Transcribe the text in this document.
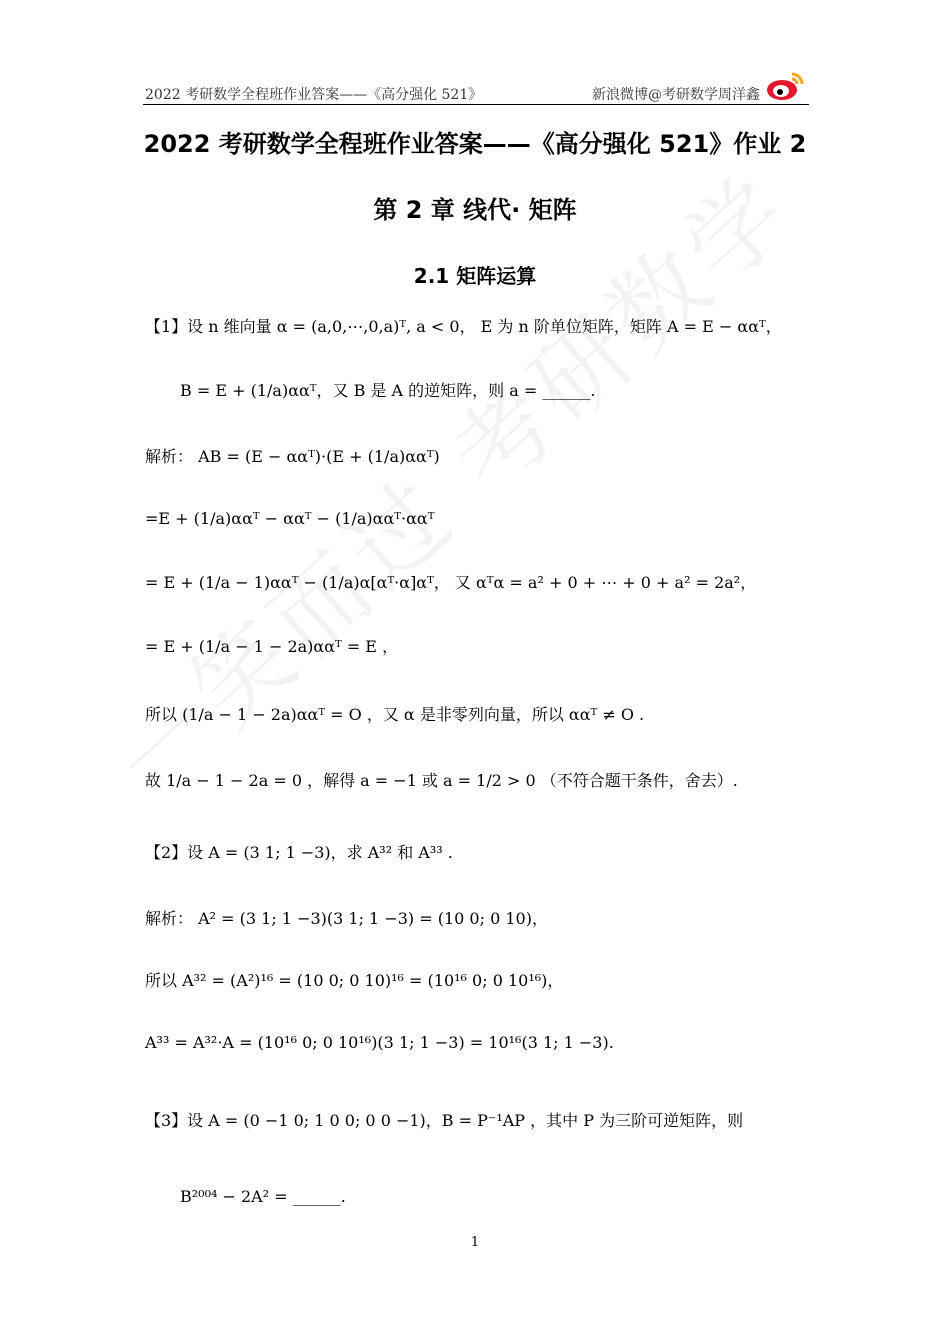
2022 考研数学全程班作业答案——《高分强化 521》	新浪微博@考研数学周洋鑫
2022 考研数学全程班作业答案——《高分强化 521》作业 2
第 2 章 线代· 矩阵
2.1 矩阵运算
【1】设 n 维向量 α = (a,0,⋯,0,a)ᵀ, a < 0， E 为 n 阶单位矩阵，矩阵 A = E − ααᵀ，
B = E + (1/a)ααᵀ，又 B 是 A 的逆矩阵，则 a = ______.
解析： AB = (E − ααᵀ)·(E + (1/a)ααᵀ)
=E + (1/a)ααᵀ − ααᵀ − (1/a)ααᵀ·ααᵀ
= E + (1/a − 1)ααᵀ − (1/a)α[αᵀ·α]αᵀ， 又 αᵀα = a² + 0 + ⋯ + 0 + a² = 2a²，
= E + (1/a − 1 − 2a)ααᵀ = E ，
所以 (1/a − 1 − 2a)ααᵀ = O ，又 α 是非零列向量，所以 ααᵀ ≠ O .
故 1/a − 1 − 2a = 0 ，解得 a = −1 或 a = 1/2 > 0 （不符合题干条件，舍去）.
【2】设 A = (3 1; 1 −3)，求 A³² 和 A³³ .
解析： A² = (3 1; 1 −3)(3 1; 1 −3) = (10 0; 0 10)，
所以 A³² = (A²)¹⁶ = (10 0; 0 10)¹⁶ = (10¹⁶ 0; 0 10¹⁶)，
A³³ = A³²·A = (10¹⁶ 0; 0 10¹⁶)(3 1; 1 −3) = 10¹⁶(3 1; 1 −3).
【3】设 A = (0 −1 0; 1 0 0; 0 0 −1)，B = P⁻¹AP ，其中 P 为三阶可逆矩阵，则
B²⁰⁰⁴ − 2A² = ______.
1
